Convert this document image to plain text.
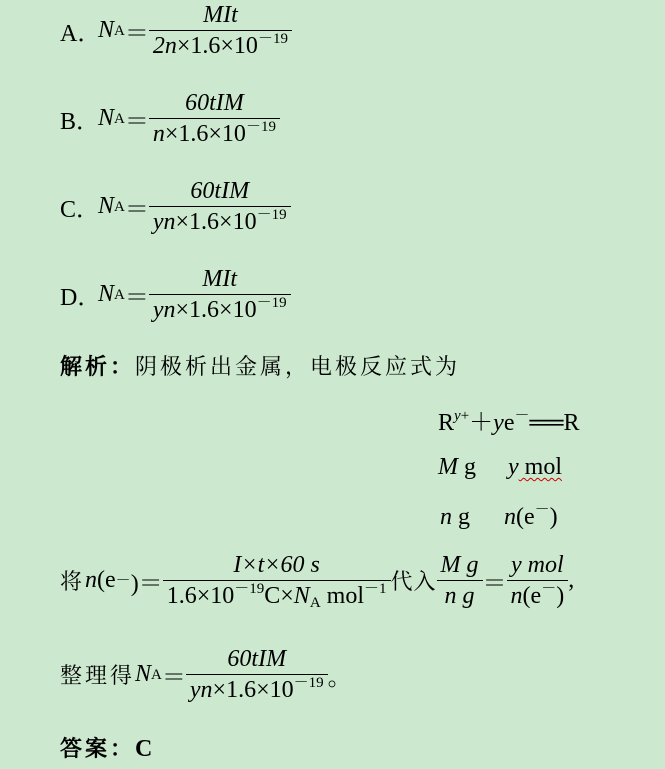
A．
N $A = \frac{\text{MIt}}{2n\times 1.6\times 10^{-19}}$
B．
N $A = \frac{\text{60tIM}}{n\times 1.6\times 10^{-19}}$
C．
N $A = \frac{\text{60tIM}}{yn\times 1.6\times 10^{-19}}$
D．
N $A = \frac{\text{MIt}}{yn\times 1.6\times 10^{-19}}$
解析：阴极析出金属，电极反应式为
$R^{y+}+ye^-══R$
M g y mol
n g n(e－)
将 n (e － )＝ $\frac{I\times t\times 60 s}{1.6\times 10^{-19}C\times N_A mol^{-1}}$ 代入 $\frac{\text{M g}}{\text{n g}} = \frac{\text{y mol}}{n(e^-)}$ ,
整理得 N $A = \frac{\text{60tIM}}{yn\times 1.6\times 10^{-19}}$ 。
答案：C
